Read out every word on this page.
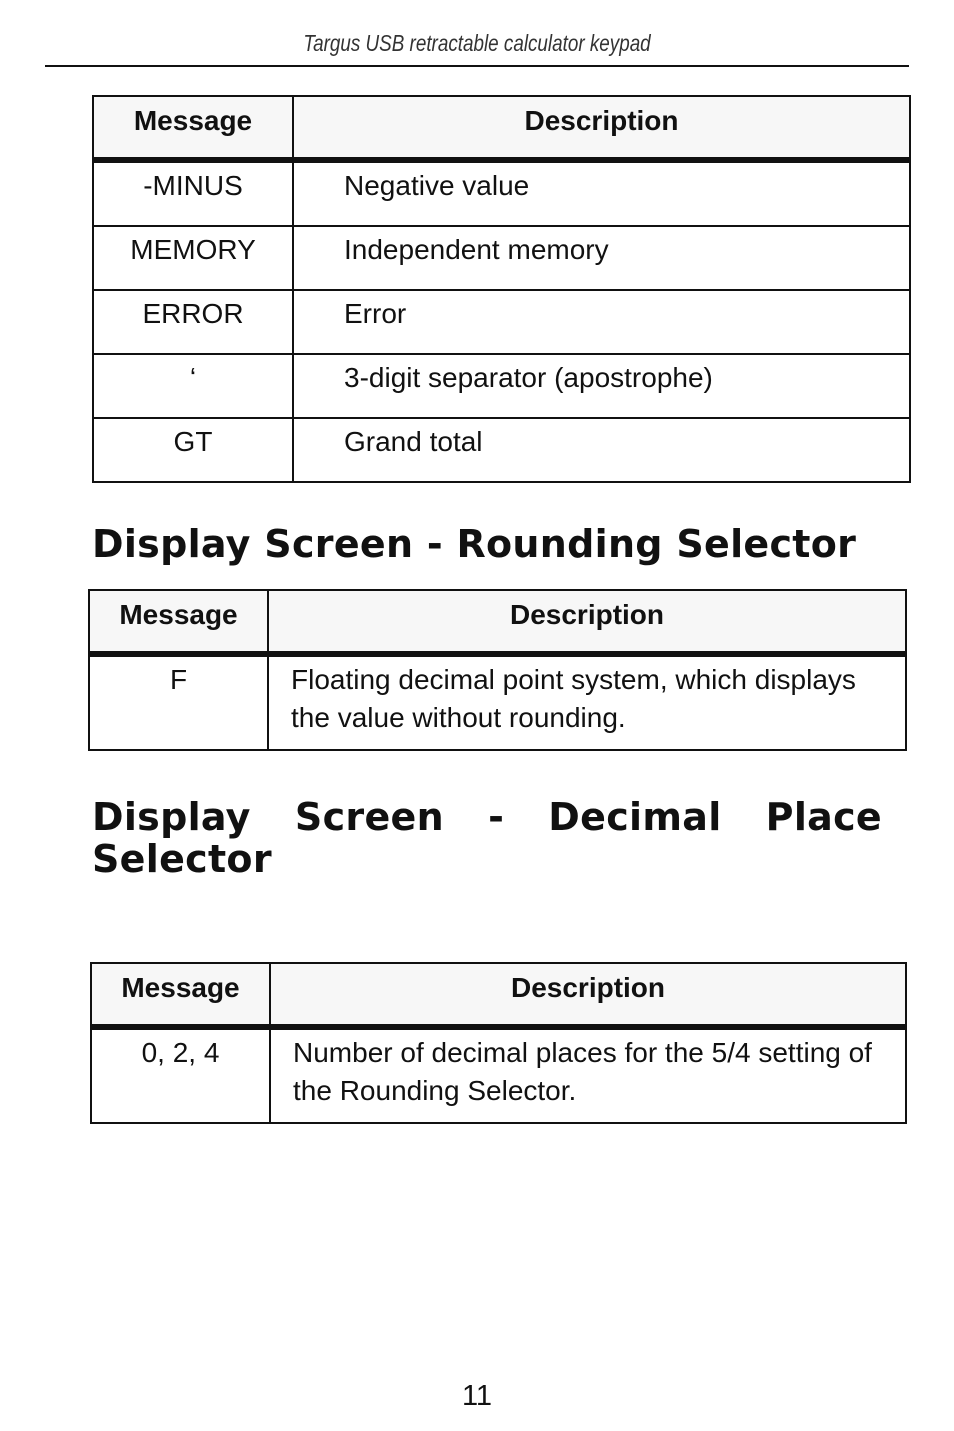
Targus USB retractable calculator keypad
Message	Description
-MINUS	Negative value
MEMORY	Independent memory
ERROR	Error
‘	3-digit separator (apostrophe)
GT	Grand total
Display Screen - Rounding Selector
Message	Description
F	Floating decimal point system, which displays the value without rounding.
Display Screen - Decimal Place Selector
Message	Description
0, 2, 4	Number of decimal places for the 5/4 setting of the Rounding Selector.
11
